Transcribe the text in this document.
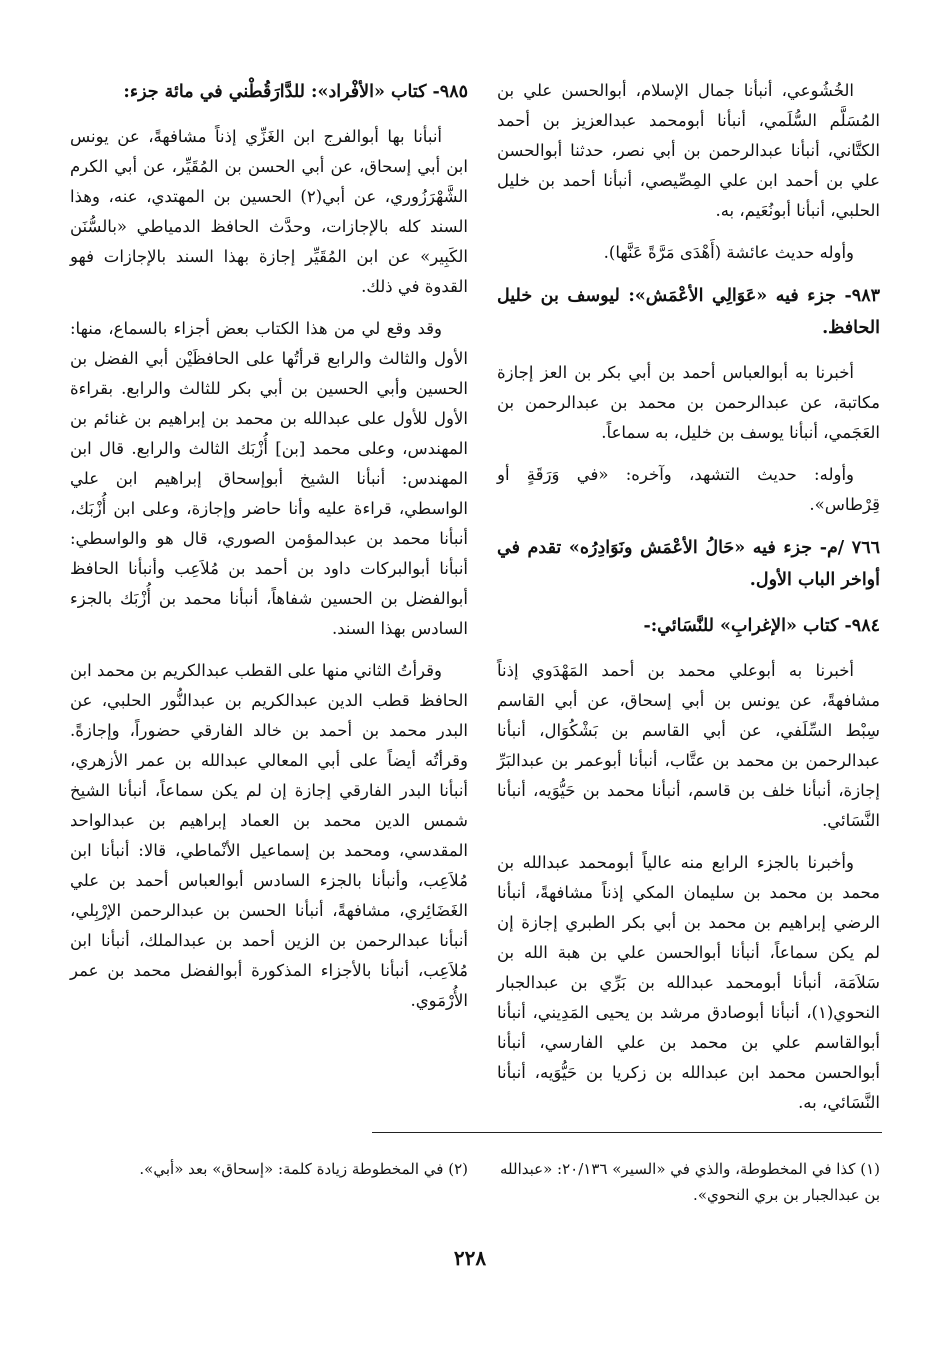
الخُشُوعي، أنبأنا جمال الإسلام، أبوالحسن علي بن المُسَلَّم السُّلَمي، أنبأنا أبومحمد عبدالعزيز بن أحمد الكتَّاني، أنبأنا عبدالرحمن بن أبي نصر، حدثنا أبوالحسن علي بن أحمد ابن علي المِصِّيصي، أنبأنا أحمد بن خليل الحلبي، أنبأنا أبونُعَيم، به.

وأوله حديث عائشة (أَهْدَى مَرَّةً عَنَّها).

٩٨٣- جزء فيه «عَوَالِي الأعْمَش»: ليوسف بن خليل الحافظ.

أخبرنا به أبوالعباس أحمد بن أبي بكر بن العز إجازة مكاتبة، عن عبدالرحمن بن محمد بن عبدالرحمن بن العَجَمي، أنبأنا يوسف بن خليل، به سماعاً.

وأوله: حديث التشهد، وآخره: «في وَرَقَةٍ أو قِرْطاس».

٧٦٦ /م- جزء فيه «حَالُ الأعْمَش ونَوَادِرُه» تقدم في أواخر الباب الأول.
٩٨٤- كتاب «الإغرابِ» للنَّسَائي:-

أخبرنا به أبوعلي محمد بن أحمد المَهْدَوي إذناً مشافهةً، عن يونس بن أبي إسحاق، عن أبي القاسم سِبْط السِّلَفي، عن أبي القاسم بن بَشْكُوَال، أنبأنا عبدالرحمن بن محمد بن عتَّاب، أنبأنا أبوعمر بن عبدالبَرِّ إجازة، أنبأنا خلف بن قاسم، أنبأنا محمد بن حَيُّوَيه، أنبأنا النَّسَائي.

وأخبرنا بالجزء الرابع منه عالياً أبومحمد عبدالله بن محمد بن محمد بن سليمان المكي إذناً مشافهةً، أنبأنا الرضي إبراهيم بن محمد بن أبي بكر الطبري إجازة إن لم يكن سماعاً، أنبأنا أبوالحسن علي بن هبة الله بن سَلاَمَة، أنبأنا أبومحمد عبدالله بن بَرِّي بن عبدالجبار النحوي(١)، أنبأنا أبوصادق مرشد بن يحيى المَدِيني، أنبأنا أبوالقاسم علي بن محمد بن علي الفارسي، أنبأنا أبوالحسن محمد ابن عبدالله بن زكريا بن حَيُّوَيه، أنبأنا النَّسَائي، به.

٩٨٥- كتاب «الأفْراد»: للدَّارَقُطْني في مائة جزء:

أنبأنا بها أبوالفرج ابن الغَزِّي إذناً مشافهةً، عن يونس ابن أبي إسحاق، عن أبي الحسن بن المُقَيِّر، عن أبي الكرم الشَّهْرَزُوري، عن أبي(٢) الحسين بن المهتدي، عنه، وهذا السند كله بالإجازات، وحدَّث الحافظ الدمياطي «بالسُّنَن الكَبِير» عن ابن المُقَيِّر إجازة بهذا السند بالإجازات فهو القدوة في ذلك.

وقد وقع لي من هذا الكتاب بعض أجزاء بالسماع، منها: الأول والثالث والرابع قرأتُها على الحافظَيْن أبي الفضل بن الحسين وأبي الحسين بن أبي بكر للثالث والرابع. بقراءة الأول للأول على عبدالله بن محمد بن إبراهيم بن غنائم بن المهندس، وعلى محمد [بن] أُزْبَك الثالث والرابع. قال ابن المهندس: أنبأنا الشيخ أبوإسحاق إبراهيم ابن علي الواسطي، قراءة عليه وأنا حاضر وإجازة، وعلى ابن أُزْبَك، أنبأنا محمد بن عبدالمؤمن الصوري، قال هو والواسطي: أنبأنا أبوالبركات داود بن أحمد بن مُلاَعِب وأنبأنا الحافظ أبوالفضل بن الحسين شفاهاً، أنبأنا محمد بن أُزْبَك بالجزء السادس بهذا السند.

وقرأتُ الثاني منها على القطب عبدالكريم بن محمد ابن الحافظ قطب الدين عبدالكريم بن عبدالنُّور الحلبي، عن البدر محمد بن أحمد بن خالد الفارقي حضوراً، وإجازةً. وقرأتُه أيضاً على أبي المعالي عبدالله بن عمر الأزهري، أنبأنا البدر الفارقي إجازة إن لم يكن سماعاً، أنبأنا الشيخ شمس الدين محمد بن العماد إبراهيم بن عبدالواحد المقدسي، ومحمد بن إسماعيل الأنْماطي، قالا: أنبأنا ابن مُلاَعِب، وأنبأنا بالجزء السادس أبوالعباس أحمد بن علي الغَضَائِري، مشافهةً، أنبأنا الحسن بن عبدالرحمن الإرْبِلي، أنبأنا عبدالرحمن بن الزين أحمد بن عبدالملك، أنبأنا ابن مُلاَعِب، أنبأنا بالأجزاء المذكورة أبوالفضل محمد بن عمر الأُرْمَوي.

(١) كذا في المخطوطة، والذي في «السير» ٢٠/١٣٦: «عبدالله بن عبدالجبار بن بري النحوي».

(٢) في المخطوطة زيادة كلمة: «إسحاق» بعد «أبي».

٢٢٨
